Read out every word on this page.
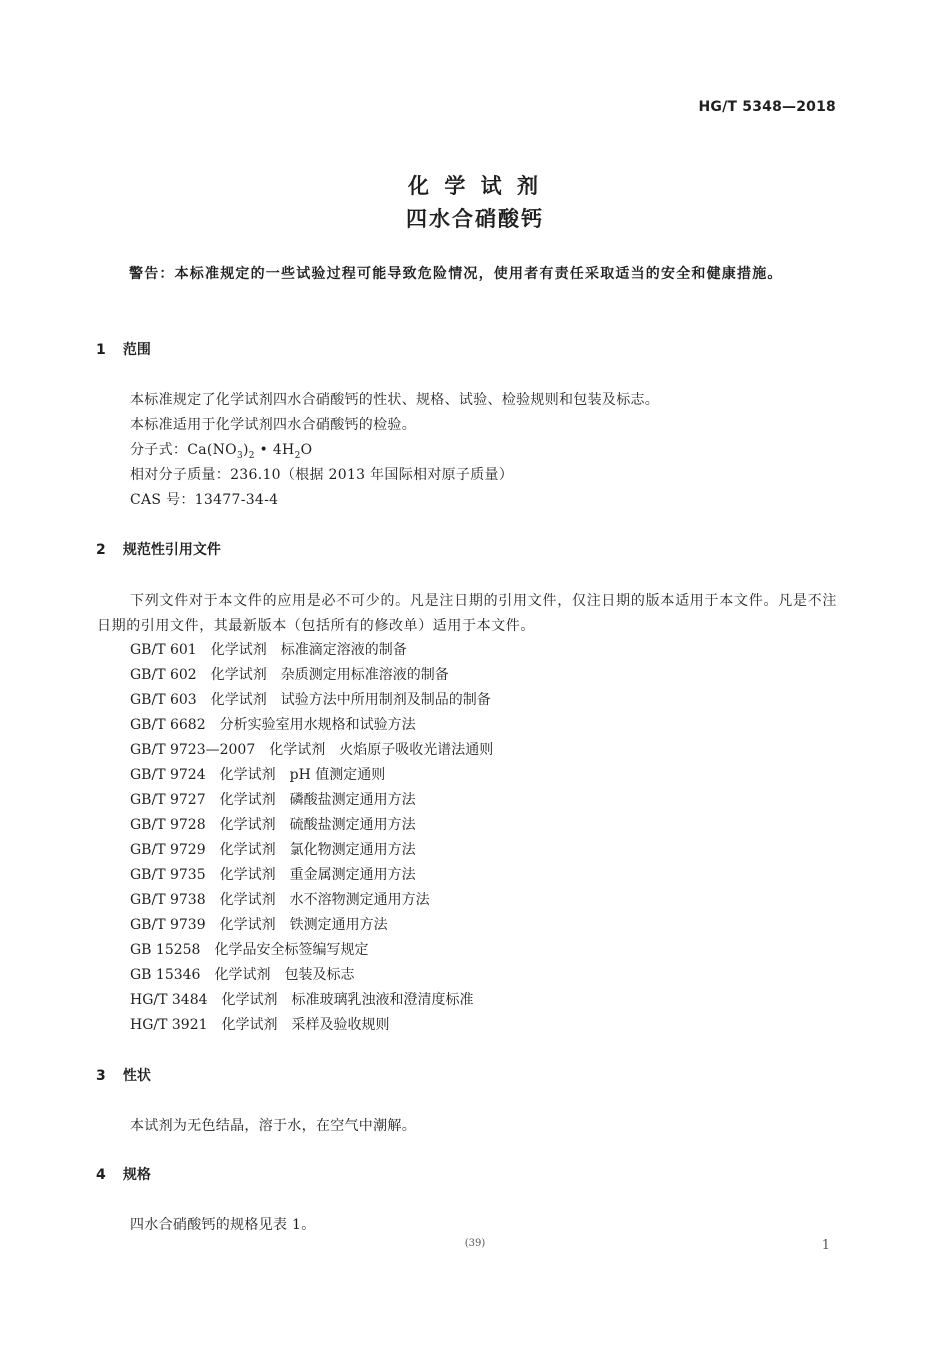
HG/T 5348—2018
化 学 试 剂
四水合硝酸钙
警告：本标准规定的一些试验过程可能导致危险情况，使用者有责任采取适当的安全和健康措施。
1 范围
本标准规定了化学试剂四水合硝酸钙的性状、规格、试验、检验规则和包装及标志。
本标准适用于化学试剂四水合硝酸钙的检验。
分子式：$Ca(NO_3)_2$ • $4H_2O$
相对分子质量：236.10（根据 2013 年国际相对原子质量）
CAS 号：13477-34-4
2 规范性引用文件
下列文件对于本文件的应用是必不可少的。凡是注日期的引用文件，仅注日期的版本适用于本文件。凡是不注日期的引用文件，其最新版本（包括所有的修改单）适用于本文件。
GB/T 601 化学试剂　标准滴定溶液的制备
GB/T 602 化学试剂　杂质测定用标准溶液的制备
GB/T 603 化学试剂　试验方法中所用制剂及制品的制备
GB/T 6682 分析实验室用水规格和试验方法
GB/T 9723—2007 化学试剂　火焰原子吸收光谱法通则
GB/T 9724 化学试剂　pH 值测定通则
GB/T 9727 化学试剂　磷酸盐测定通用方法
GB/T 9728 化学试剂　硫酸盐测定通用方法
GB/T 9729 化学试剂　氯化物测定通用方法
GB/T 9735 化学试剂　重金属测定通用方法
GB/T 9738 化学试剂　水不溶物测定通用方法
GB/T 9739 化学试剂　铁测定通用方法
GB 15258 化学品安全标签编写规定
GB 15346 化学试剂　包装及标志
HG/T 3484 化学试剂　标准玻璃乳浊液和澄清度标准
HG/T 3921 化学试剂　采样及验收规则
3 性状
本试剂为无色结晶，溶于水，在空气中潮解。
4 规格
四水合硝酸钙的规格见表 1。
(39)	1
